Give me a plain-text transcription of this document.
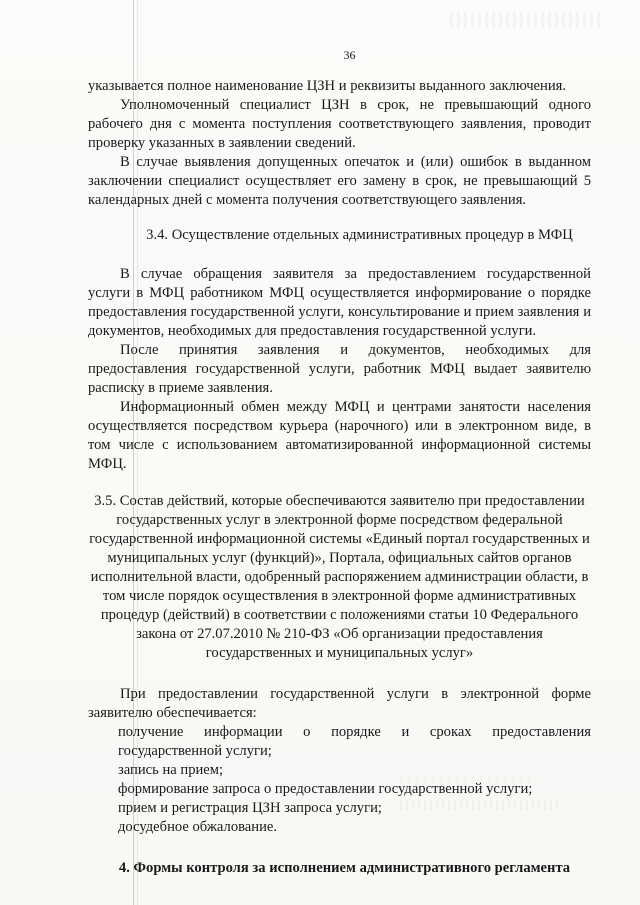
36

указывается полное наименование ЦЗН и реквизиты выданного заключения.

Уполномоченный специалист ЦЗН в срок, не превышающий одного рабочего дня с момента поступления соответствующего заявления, проводит проверку указанных в заявлении сведений.

В случае выявления допущенных опечаток и (или) ошибок в выданном заключении специалист осуществляет его замену в срок, не превышающий 5 календарных дней с момента получения соответствующего заявления.

3.4. Осуществление отдельных административных процедур в МФЦ

В случае обращения заявителя за предоставлением государственной услуги в МФЦ работником МФЦ осуществляется информирование о порядке предоставления государственной услуги, консультирование и прием заявления и документов, необходимых для предоставления государственной услуги.

После принятия заявления и документов, необходимых для предоставления государственной услуги, работник МФЦ выдает заявителю расписку в приеме заявления.

Информационный обмен между МФЦ и центрами занятости населения осуществляется посредством курьера (нарочного) или в электронном виде, в том числе с использованием автоматизированной информационной системы МФЦ.

3.5. Состав действий, которые обеспечиваются заявителю при предоставлении государственных услуг в электронной форме посредством федеральной государственной информационной системы «Единый портал государственных и муниципальных услуг (функций)», Портала, официальных сайтов органов исполнительной власти, одобренный распоряжением администрации области, в том числе порядок осуществления в электронной форме административных процедур (действий) в соответствии с положениями статьи 10 Федерального закона от 27.07.2010 № 210-ФЗ «Об организации предоставления государственных и муниципальных услуг»

При предоставлении государственной услуги в электронной форме заявителю обеспечивается:

получение информации о порядке и сроках предоставления государственной услуги;

запись на прием;

формирование запроса о предоставлении государственной услуги;

прием и регистрация ЦЗН запроса услуги;

досудебное обжалование.

4. Формы контроля за исполнением административного регламента
